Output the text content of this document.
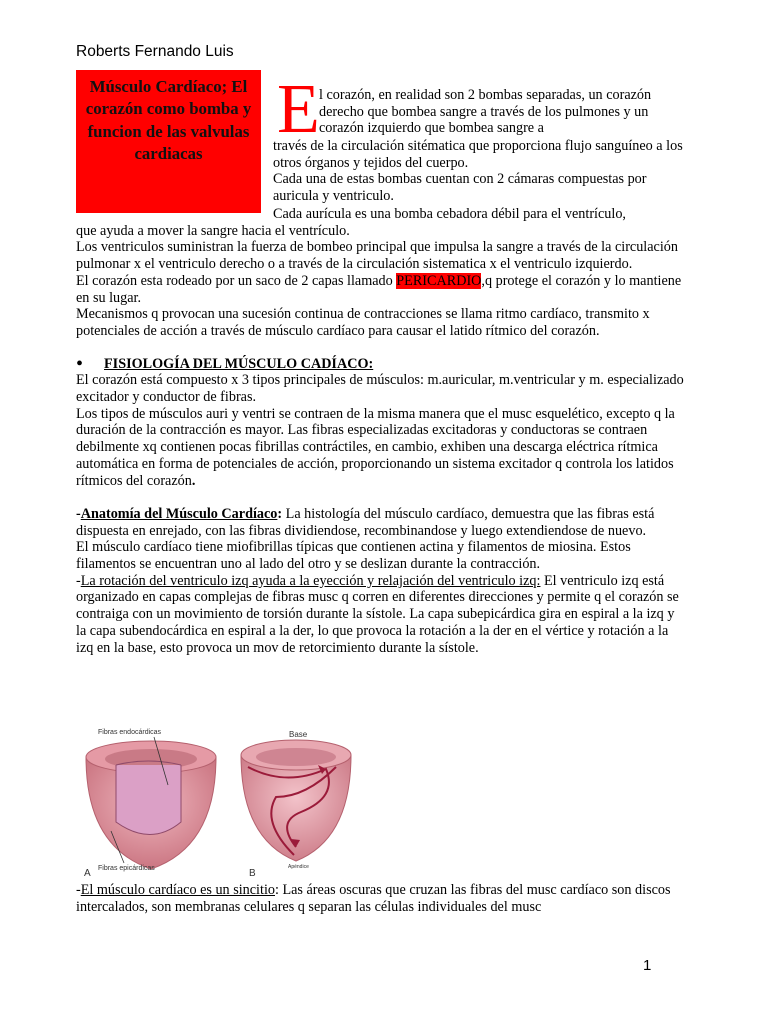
Roberts Fernando Luis
Músculo Cardíaco; El corazón como bomba y funcion de las valvulas cardiacas
E l corazón, en realidad son 2 bombas separadas, un corazón derecho que bombea sangre a través de los pulmones y un corazón izquierdo que bombea sangre a

través de la circulación sitématica que proporciona flujo sanguíneo a los otros órganos y tejidos del cuerpo.

Cada una de estas bombas cuentan con 2 cámaras compuestas por auricula y ventriculo.

Cada aurícula es una bomba cebadora débil para el ventrículo,

que ayuda a mover la sangre hacia el ventrículo.

Los ventriculos suministran la fuerza de bombeo principal que impulsa la sangre a través de la circulación pulmonar x el ventriculo derecho o a través de la circulación sistematica x el ventriculo izquierdo.

El corazón esta rodeado por un saco de 2 capas llamado PERICARDIO,q protege el corazón y lo mantiene en su lugar.

Mecanismos q provocan una sucesión continua de contracciones se llama ritmo cardíaco, transmito x potenciales de acción a través de músculo cardíaco para causar el latido rítmico del corazón.

• FISIOLOGÍA DEL MÚSCULO CADÍACO:

El corazón está compuesto x 3 tipos principales de músculos: m.auricular, m.ventricular y m. especializado excitador y conductor de fibras.

Los tipos de músculos auri y ventri se contraen de la misma manera que el musc esquelético, excepto q la duración de la contracción es mayor. Las fibras especializadas excitadoras y conductoras se contraen debilmente xq contienen pocas fibrillas contráctiles, en cambio, exhiben una descarga eléctrica rítmica automática en forma de potenciales de acción, proporcionando un sistema excitador q controla los latidos rítmicos del corazón.

-Anatomía del Músculo Cardíaco: La histología del músculo cardíaco, demuestra que las fibras está dispuesta en enrejado, con las fibras dividiendose, recombinandose y luego extendiendose de nuevo.

El músculo cardíaco tiene miofibrillas típicas que contienen actina y filamentos de miosina. Estos filamentos se encuentran uno al lado del otro y se deslizan durante la contracción.

-La rotación del ventriculo izq ayuda a la eyección y relajación del ventriculo izq: El ventriculo izq está organizado en capas complejas de fibras musc q corren en diferentes direcciones y permite q el corazón se contraiga con un movimiento de torsión durante la sístole. La capa subepicárdica gira en espiral a la izq y la capa subendocárdica en espiral a la der, lo que provoca la rotación a la der en el vértice y rotación a la izq en la base, esto provoca un mov de retorcimiento durante la sístole.

Fibras endocárdicas
Fibras epicárdicas
A
Base
Apéndice
B

-El músculo cardíaco es un sincitio: Las áreas oscuras que cruzan las fibras del musc cardíaco son discos intercalados, son membranas celulares q separan las células individuales del musc

1
